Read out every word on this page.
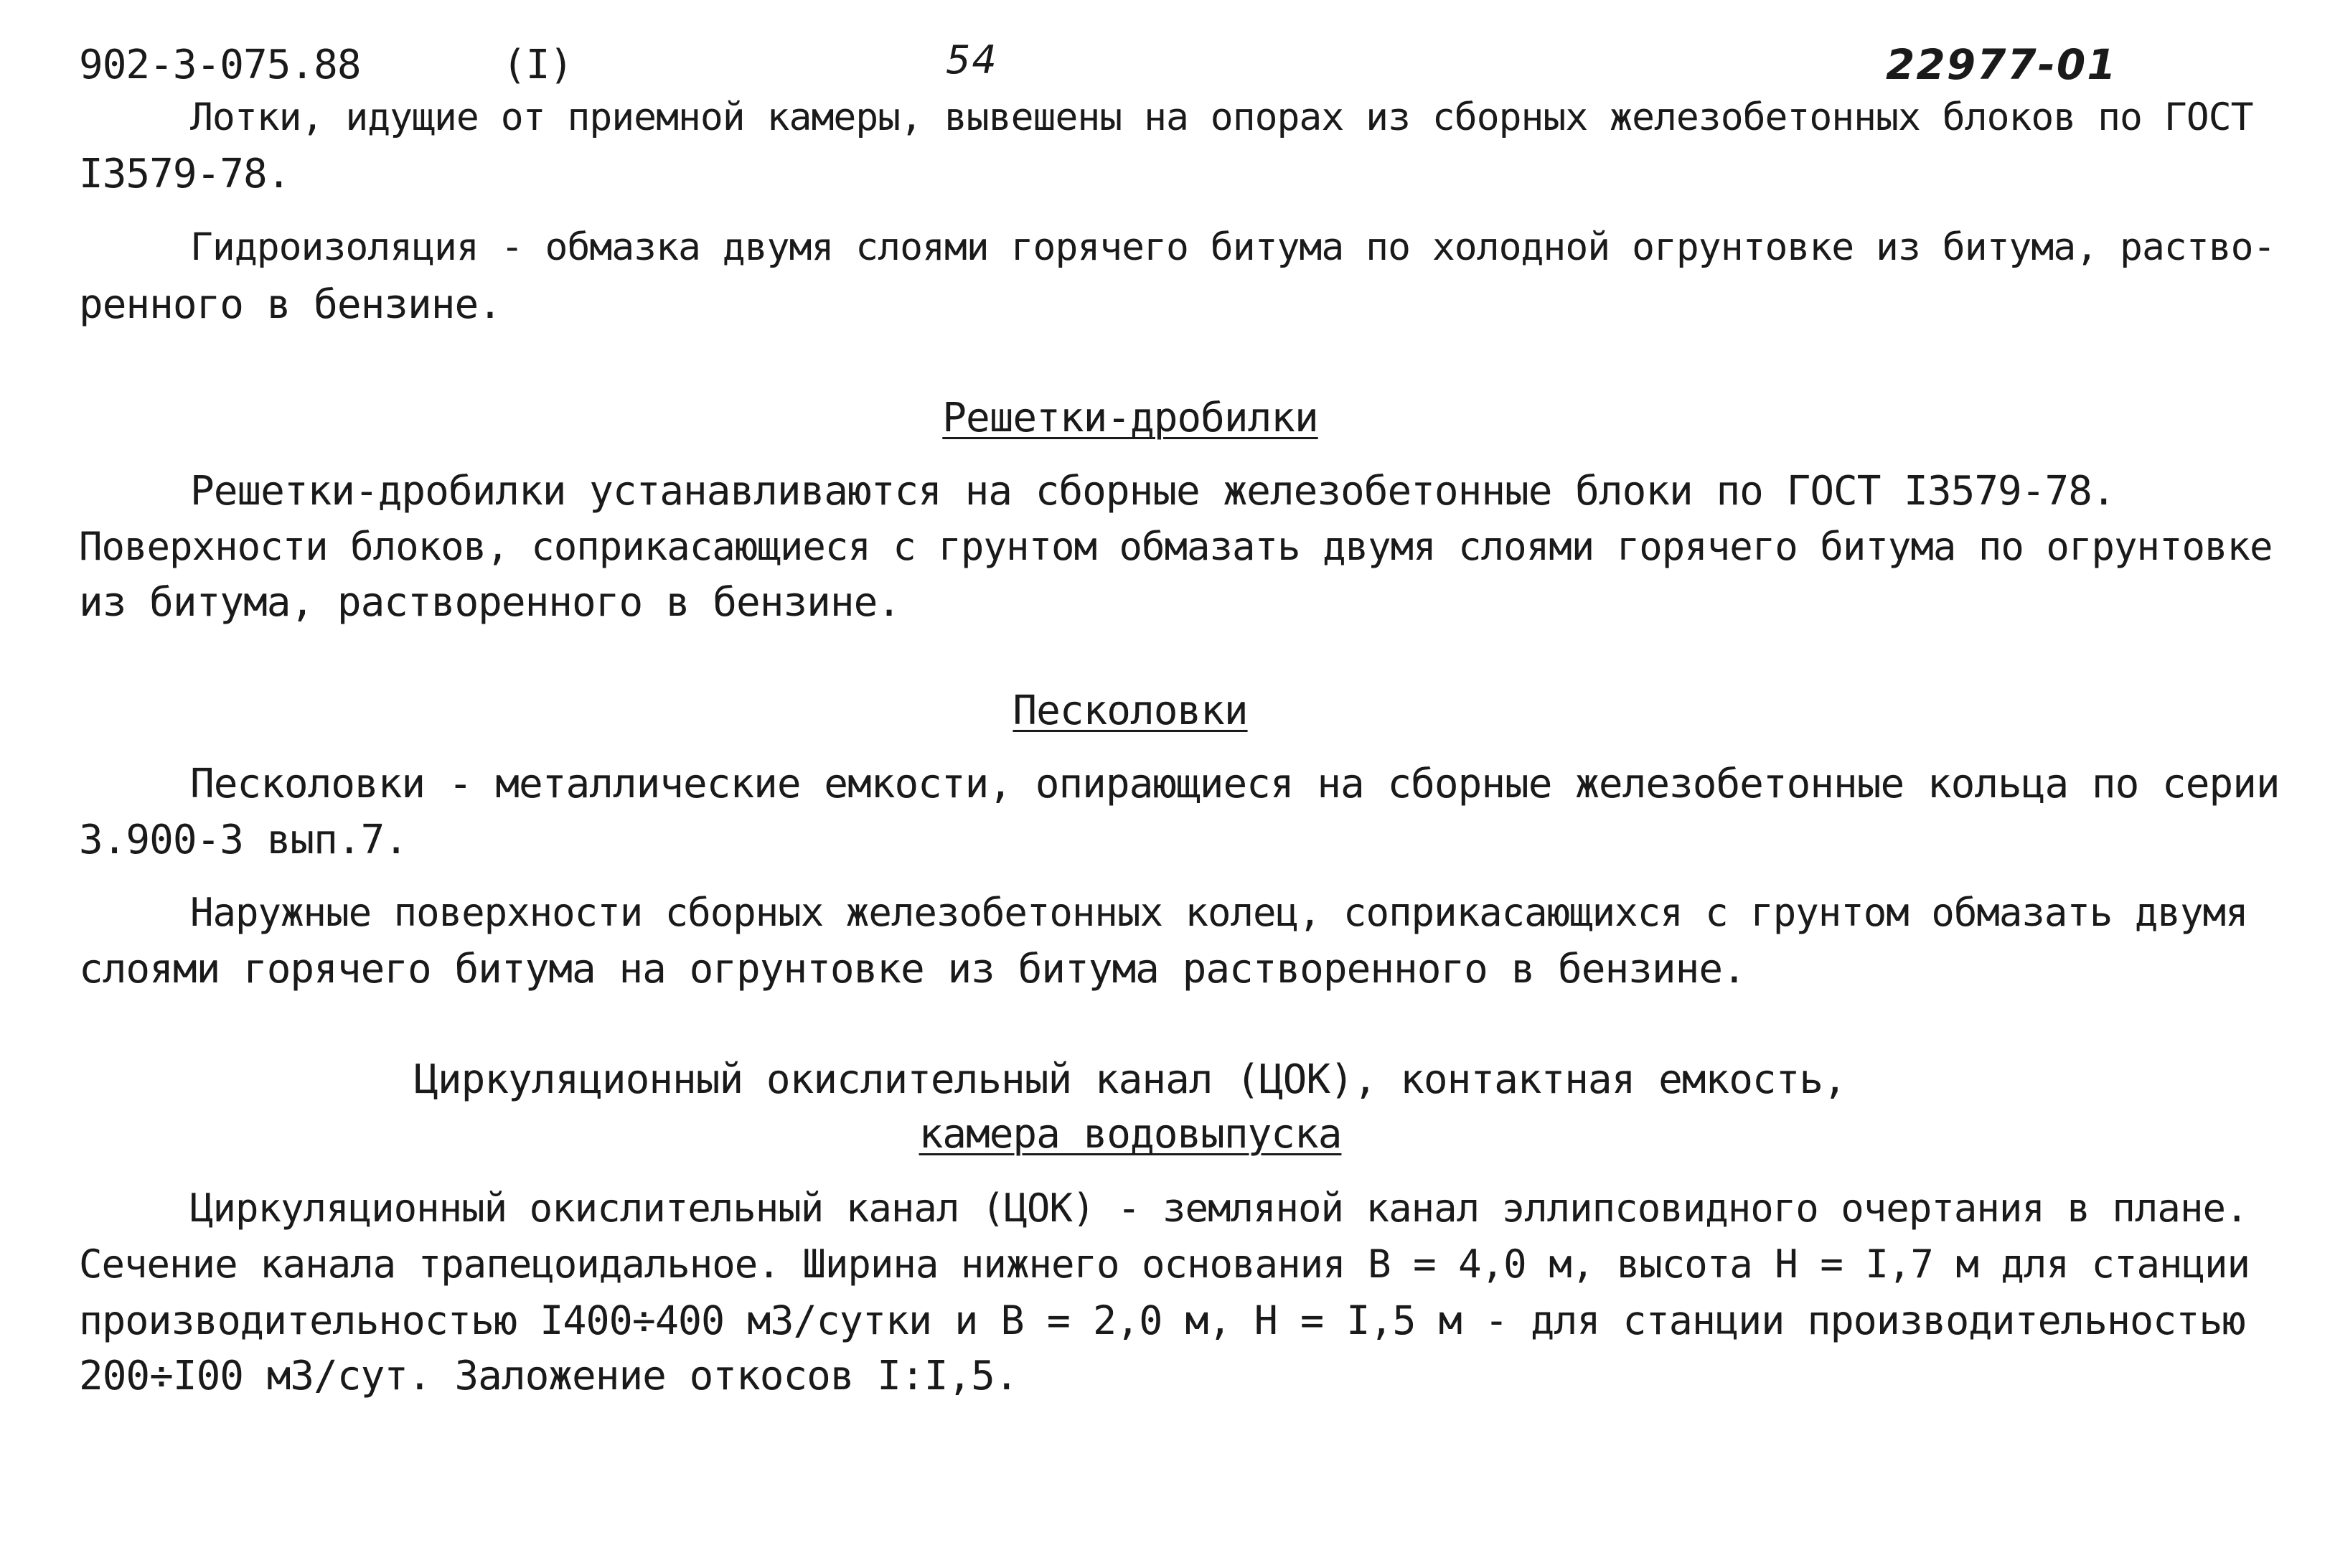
902-3-075.88	(I)	54	22977-01
Лотки, идущие от приемной камеры, вывешены на опорах из сборных железобетонных блоков по ГОСТ
I3579-78.
Гидроизоляция - обмазка двумя слоями горячего битума по холодной огрунтовке из битума, раство-
ренного в бензине.
Решетки-дробилки
Решетки-дробилки устанавливаются на сборные железобетонные блоки по ГОСТ I3579-78.
Поверхности блоков, соприкасающиеся с грунтом обмазать двумя слоями горячего битума по огрунтовке
из битума, растворенного в бензине.
Песколовки
Песколовки - металлические емкости, опирающиеся на сборные железобетонные кольца по серии
3.900-3 вып.7.
Наружные поверхности сборных железобетонных колец, соприкасающихся с грунтом обмазать двумя
слоями горячего битума на огрунтовке из битума растворенного в бензине.
Циркуляционный окислительный канал (ЦОК), контактная емкость,
камера водовыпуска
Циркуляционный окислительный канал (ЦОК) - земляной канал эллипсовидного очертания в плане.
Сечение канала трапецоидальное. Ширина нижнего основания B = 4,0 м, высота H = I,7 м для станции
производительностью I400÷400 м3/сутки и B = 2,0 м, H = I,5 м - для станции производительностью
200÷I00 м3/сут. Заложение откосов I:I,5.
